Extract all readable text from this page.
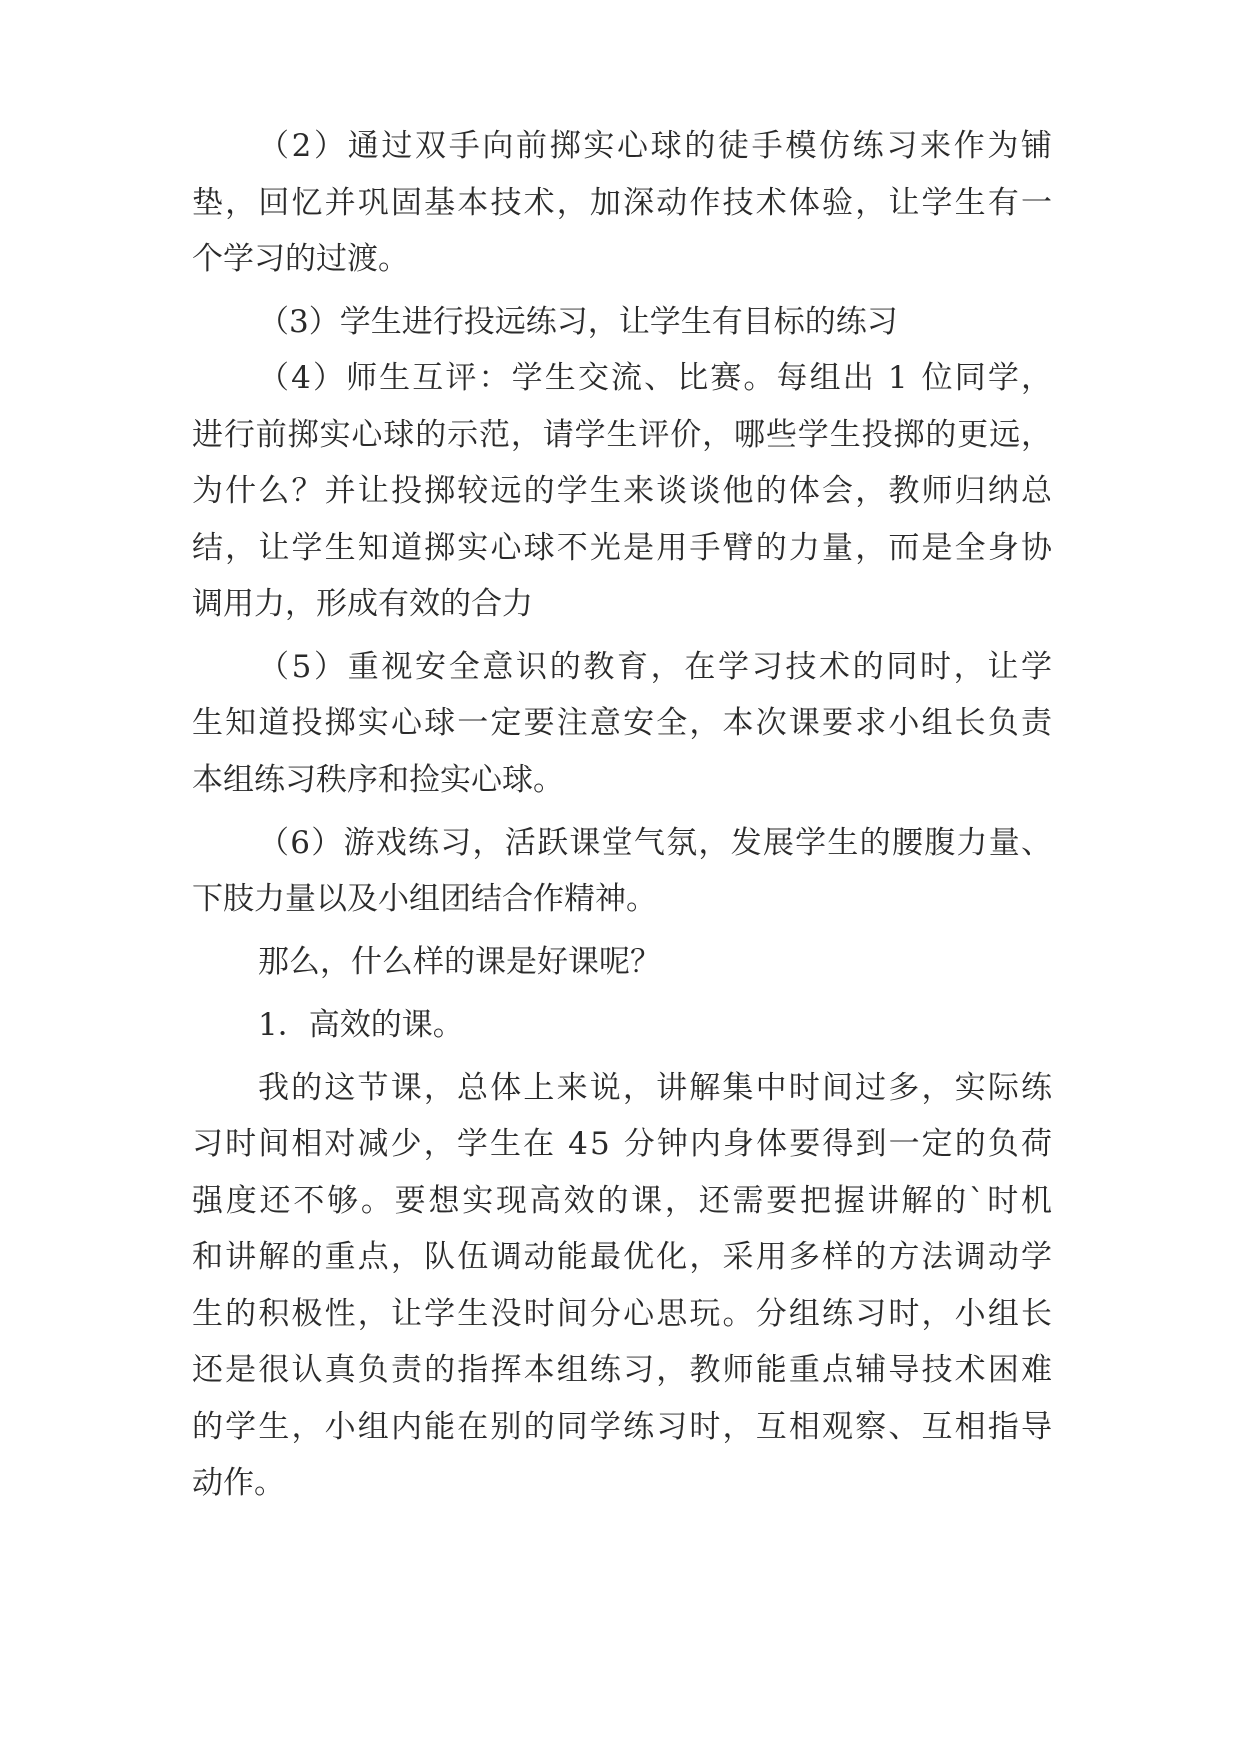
（2）通过双手向前掷实心球的徒手模仿练习来作为铺
垫，回忆并巩固基本技术，加深动作技术体验，让学生有一
个学习的过渡。
（3）学生进行投远练习，让学生有目标的练习
（4）师生互评：学生交流、比赛。每组出 1 位同学，
进行前掷实心球的示范，请学生评价，哪些学生投掷的更远，
为什么？并让投掷较远的学生来谈谈他的体会，教师归纳总
结，让学生知道掷实心球不光是用手臂的力量，而是全身协
调用力，形成有效的合力
（5）重视安全意识的教育，在学习技术的同时，让学
生知道投掷实心球一定要注意安全，本次课要求小组长负责
本组练习秩序和捡实心球。
（6）游戏练习，活跃课堂气氛，发展学生的腰腹力量、
下肢力量以及小组团结合作精神。
那么，什么样的课是好课呢？
1．高效的课。
我的这节课，总体上来说，讲解集中时间过多，实际练
习时间相对减少，学生在 45 分钟内身体要得到一定的负荷
强度还不够。要想实现高效的课，还需要把握讲解的`时机
和讲解的重点，队伍调动能最优化，采用多样的方法调动学
生的积极性，让学生没时间分心思玩。分组练习时，小组长
还是很认真负责的指挥本组练习，教师能重点辅导技术困难
的学生，小组内能在别的同学练习时，互相观察、互相指导
动作。
